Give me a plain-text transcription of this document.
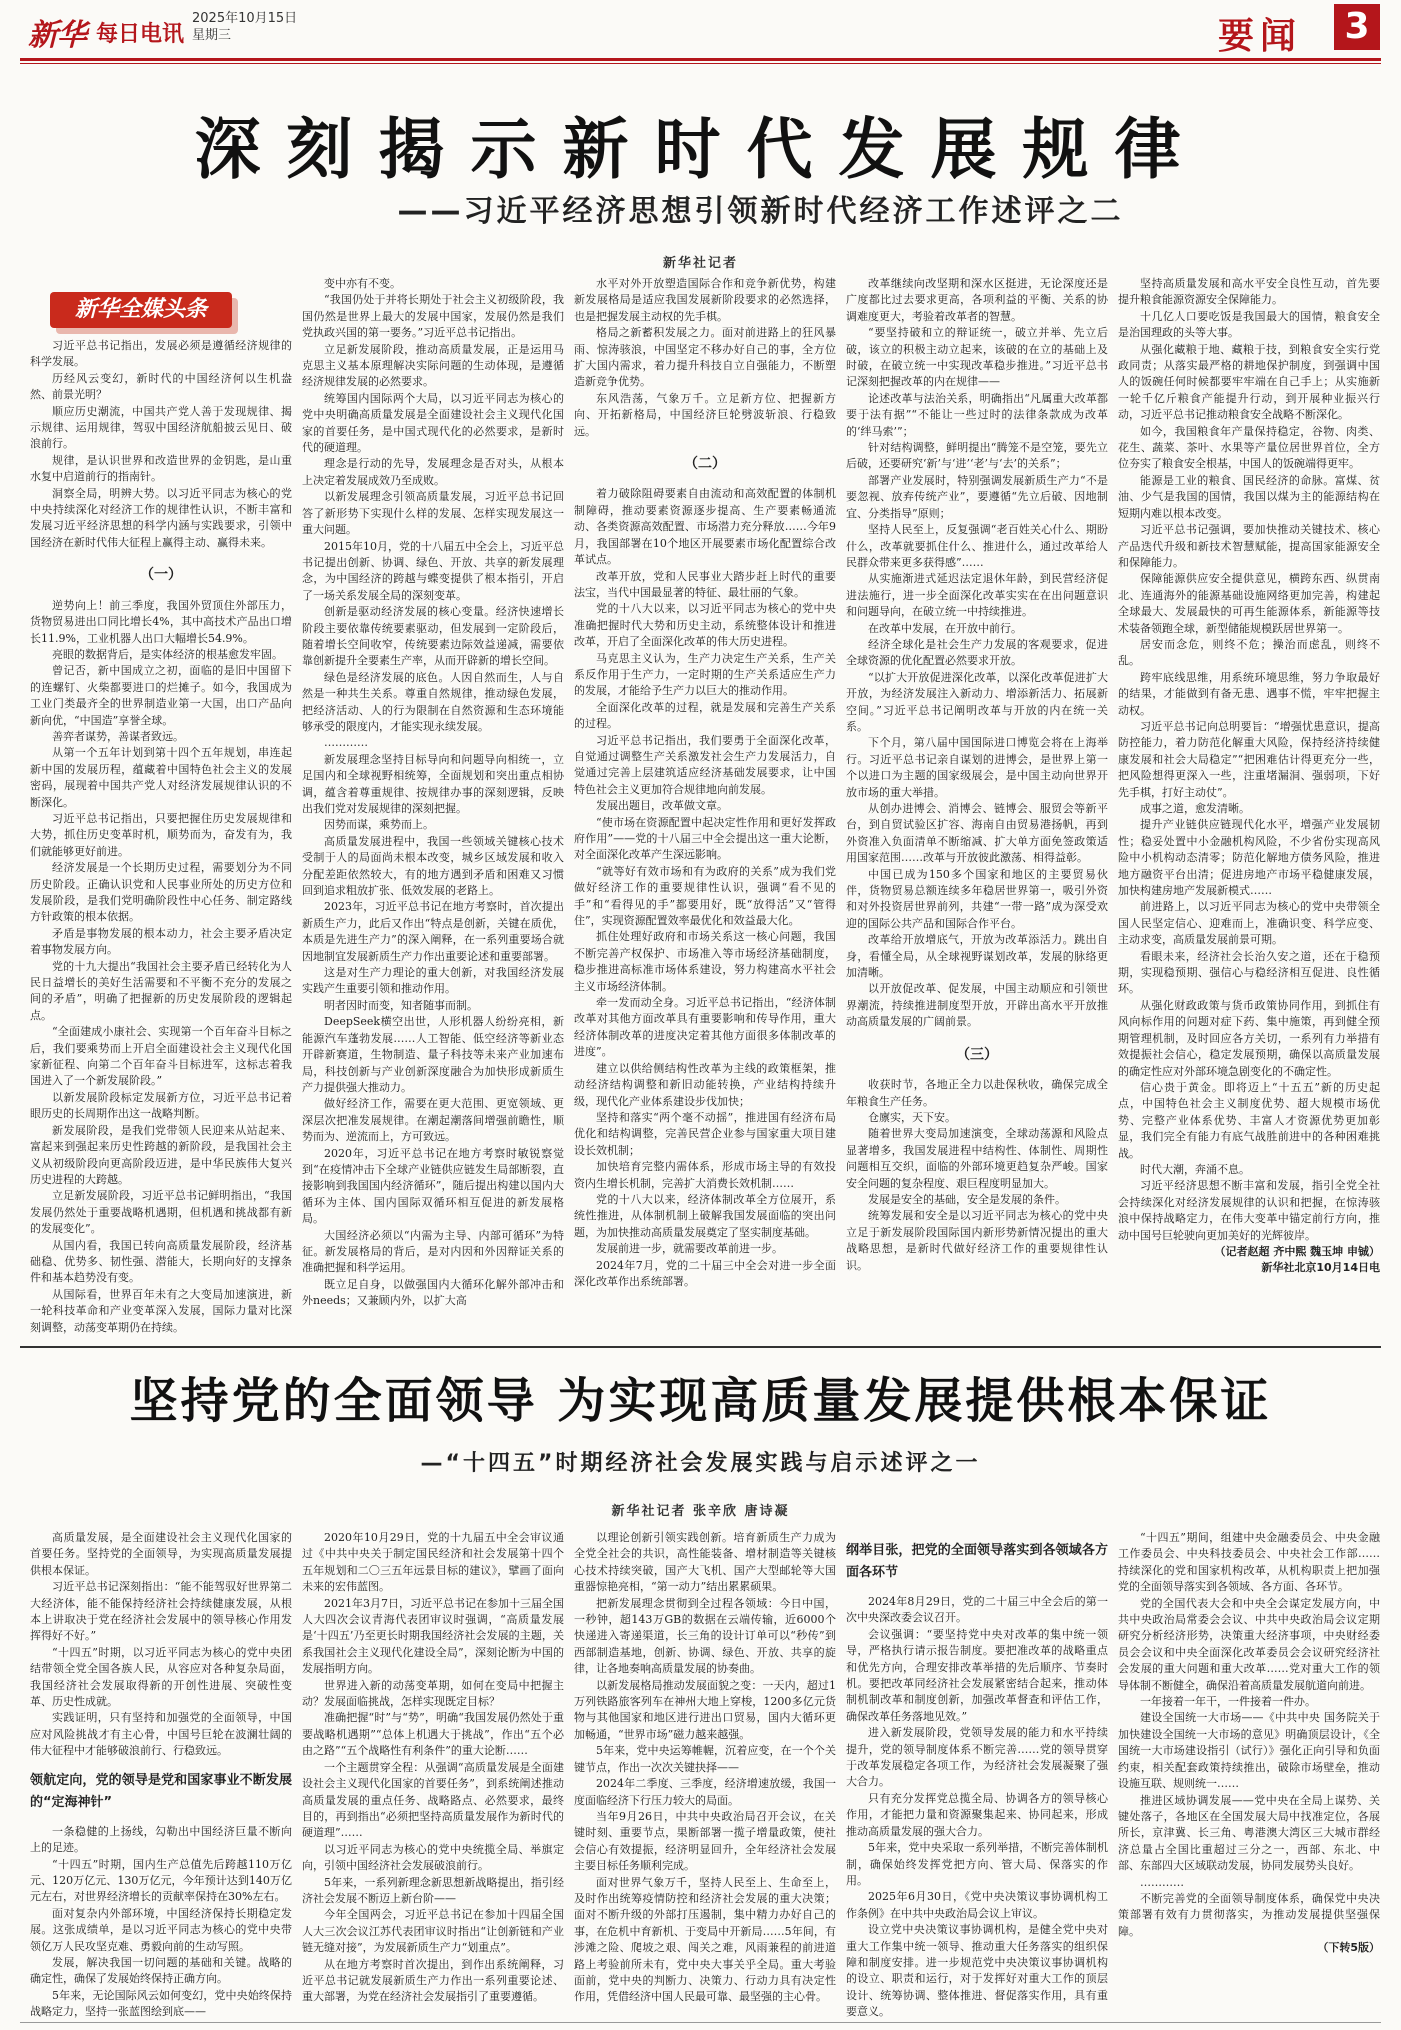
新华 每日电讯
2025年10月15日
星期三	要闻 3
深刻揭示新时代发展规律
——习近平经济思想引领新时代经济工作述评之二
新华社记者
新华全媒头条

习近平总书记指出，发展必须是遵循经济规律的科学发展。

历经风云变幻，新时代的中国经济何以生机盎然、前景光明？

顺应历史潮流，中国共产党人善于发现规律、揭示规律、运用规律，驾驭中国经济航船披云见日、破浪前行。

规律，是认识世界和改造世界的金钥匙，是山重水复中启道前行的指南针。

洞察全局，明辨大势。以习近平同志为核心的党中央持续深化对经济工作的规律性认识，不断丰富和发展习近平经济思想的科学内涵与实践要求，引领中国经济在新时代伟大征程上赢得主动、赢得未来。

（一）

逆势向上！前三季度，我国外贸顶住外部压力，货物贸易进出口同比增长4%，其中高技术产品出口增长11.9%，工业机器人出口大幅增长54.9%。

亮眼的数据背后，是实体经济的根基愈发牢固。

曾记否，新中国成立之初，面临的是旧中国留下的连螺钉、火柴都要进口的烂摊子。如今，我国成为工业门类最齐全的世界制造业第一大国，出口产品向新向优，“中国造”享誉全球。

善弈者谋势，善谋者致远。

从第一个五年计划到第十四个五年规划，串连起新中国的发展历程，蕴藏着中国特色社会主义的发展密码，展现着中国共产党人对经济发展规律认识的不断深化。

习近平总书记指出，只要把握住历史发展规律和大势，抓住历史变革时机，顺势而为，奋发有为，我们就能够更好前进。

经济发展是一个长期历史过程，需要划分为不同历史阶段。正确认识党和人民事业所处的历史方位和发展阶段，是我们党明确阶段性中心任务、制定路线方针政策的根本依据。

矛盾是事物发展的根本动力，社会主要矛盾决定着事物发展方向。

党的十九大提出“我国社会主要矛盾已经转化为人民日益增长的美好生活需要和不平衡不充分的发展之间的矛盾”，明确了把握新的历史发展阶段的逻辑起点。

“全面建成小康社会、实现第一个百年奋斗目标之后，我们要乘势而上开启全面建设社会主义现代化国家新征程、向第二个百年奋斗目标进军，这标志着我国进入了一个新发展阶段。”

以新发展阶段标定发展新方位，习近平总书记着眼历史的长周期作出这一战略判断。

新发展阶段，是我们党带领人民迎来从站起来、富起来到强起来历史性跨越的新阶段，是我国社会主义从初级阶段向更高阶段迈进，是中华民族伟大复兴历史进程的大跨越。

立足新发展阶段，习近平总书记鲜明指出，“我国发展仍然处于重要战略机遇期，但机遇和挑战都有新的发展变化”。

从国内看，我国已转向高质量发展阶段，经济基础稳、优势多、韧性强、潜能大，长期向好的支撑条件和基本趋势没有变。

从国际看，世界百年未有之大变局加速演进，新一轮科技革命和产业变革深入发展，国际力量对比深刻调整，动荡变革期仍在持续。

变中亦有不变。

“我国仍处于并将长期处于社会主义初级阶段，我国仍然是世界上最大的发展中国家，发展仍然是我们党执政兴国的第一要务。”习近平总书记指出。

立足新发展阶段，推动高质量发展，正是运用马克思主义基本原理解决实际问题的生动体现，是遵循经济规律发展的必然要求。

统筹国内国际两个大局，以习近平同志为核心的党中央明确高质量发展是全面建设社会主义现代化国家的首要任务，是中国式现代化的必然要求，是新时代的硬道理。

理念是行动的先导，发展理念是否对头，从根本上决定着发展成效乃至成败。

以新发展理念引领高质量发展，习近平总书记回答了新形势下实现什么样的发展、怎样实现发展这一重大问题。

2015年10月，党的十八届五中全会上，习近平总书记提出创新、协调、绿色、开放、共享的新发展理念，为中国经济的跨越与蝶变提供了根本指引，开启了一场关系发展全局的深刻变革。

创新是驱动经济发展的核心变量。经济快速增长阶段主要依靠传统要素驱动，但发展到一定阶段后，随着增长空间收窄，传统要素边际效益递减，需要依靠创新提升全要素生产率，从而开辟新的增长空间。

绿色是经济发展的底色。人因自然而生，人与自然是一种共生关系。尊重自然规律，推动绿色发展，把经济活动、人的行为限制在自然资源和生态环境能够承受的限度内，才能实现永续发展。

…………

新发展理念坚持目标导向和问题导向相统一，立足国内和全球视野相统筹，全面规划和突出重点相协调，蕴含着尊重规律、按规律办事的深刻逻辑，反映出我们党对发展规律的深刻把握。

因势而谋，乘势而上。

高质量发展进程中，我国一些领域关键核心技术受制于人的局面尚未根本改变，城乡区域发展和收入分配差距依然较大，有的地方遇到矛盾和困难又习惯回到追求粗放扩张、低效发展的老路上。

2023年，习近平总书记在地方考察时，首次提出新质生产力，此后又作出“特点是创新，关键在质优，本质是先进生产力”的深入阐释，在一系列重要场合就因地制宜发展新质生产力作出重要论述和重要部署。

这是对生产力理论的重大创新，对我国经济发展实践产生重要引领和推动作用。

明者因时而变，知者随事而制。

DeepSeek横空出世，人形机器人纷纷亮相，新能源汽车蓬勃发展……人工智能、低空经济等新业态开辟新赛道，生物制造、量子科技等未来产业加速布局，科技创新与产业创新深度融合为加快形成新质生产力提供强大推动力。

做好经济工作，需要在更大范围、更宽领域、更深层次把准发展规律。在潮起潮落间增强前瞻性，顺势而为、逆流而上，方可致远。

2020年，习近平总书记在地方考察时敏锐察觉到“在疫情冲击下全球产业链供应链发生局部断裂，直接影响到我国国内经济循环”，随后提出构建以国内大循环为主体、国内国际双循环相互促进的新发展格局。

大国经济必须以“内需为主导、内部可循环”为特征。新发展格局的背后，是对内因和外因辩证关系的准确把握和科学运用。

既立足自身，以做强国内大循环化解外部冲击和外needs；又兼顾内外，以扩大高

水平对外开放塑造国际合作和竞争新优势，构建新发展格局是适应我国发展新阶段要求的必然选择，也是把握发展主动权的先手棋。

格局之新蓄积发展之力。面对前进路上的狂风暴雨、惊涛骇浪，中国坚定不移办好自己的事，全方位扩大国内需求，着力提升科技自立自强能力，不断塑造新竞争优势。

东风浩荡，气象万千。立足新方位、把握新方向、开拓新格局，中国经济巨轮劈波斩浪、行稳致远。

（二）

着力破除阻碍要素自由流动和高效配置的体制机制障碍，推动要素资源逐步提高、生产要素畅通流动、各类资源高效配置、市场潜力充分释放……今年9月，我国部署在10个地区开展要素市场化配置综合改革试点。

改革开放，党和人民事业大踏步赶上时代的重要法宝，当代中国最显著的特征、最壮丽的气象。

党的十八大以来，以习近平同志为核心的党中央准确把握时代大势和历史主动，系统整体设计和推进改革，开启了全面深化改革的伟大历史进程。

马克思主义认为，生产力决定生产关系，生产关系反作用于生产力，一定时期的生产关系适应生产力的发展，才能给予生产力以巨大的推动作用。

全面深化改革的过程，就是发展和完善生产关系的过程。

习近平总书记指出，我们要勇于全面深化改革，自觉通过调整生产关系激发社会生产力发展活力，自觉通过完善上层建筑适应经济基础发展要求，让中国特色社会主义更加符合规律地向前发展。

发展出题目，改革做文章。

“使市场在资源配置中起决定性作用和更好发挥政府作用”——党的十八届三中全会提出这一重大论断，对全面深化改革产生深远影响。

“就等好有效市场和有为政府的关系”成为我们党做好经济工作的重要规律性认识，强调“看不见的手”和“看得见的手”都要用好，既“放得活”又“管得住”，实现资源配置效率最优化和效益最大化。

抓住处理好政府和市场关系这一核心问题，我国不断完善产权保护、市场准入等市场经济基础制度，稳步推进高标准市场体系建设，努力构建高水平社会主义市场经济体制。

牵一发而动全身。习近平总书记指出，“经济体制改革对其他方面改革具有重要影响和传导作用，重大经济体制改革的进度决定着其他方面很多体制改革的进度”。

建立以供给侧结构性改革为主线的政策框架，推动经济结构调整和新旧动能转换，产业结构持续升级，现代化产业体系建设步伐加快；

坚持和落实“两个毫不动摇”，推进国有经济布局优化和结构调整，完善民营企业参与国家重大项目建设长效机制；

加快培育完整内需体系，形成市场主导的有效投资内生增长机制，完善扩大消费长效机制……

党的十八大以来，经济体制改革全方位展开，系统性推进，从体制机制上破解我国发展面临的突出问题，为加快推动高质量发展奠定了坚实制度基础。

发展前进一步，就需要改革前进一步。

2024年7月，党的二十届三中全会对进一步全面深化改革作出系统部署。

改革继续向改坚期和深水区挺进，无论深度还是广度都比过去要求更高，各项利益的平衡、关系的协调难度更大，考验着改革者的智慧。

“要坚持破和立的辩证统一，破立并举、先立后破，该立的积极主动立起来，该破的在立的基础上及时破，在破立统一中实现改革稳步推进。”习近平总书记深刻把握改革的内在规律——

论述改革与法治关系，明确指出“凡属重大改革都要于法有据”“不能让一些过时的法律条款成为改革的‘绊马索’”；

针对结构调整，鲜明提出“腾笼不是空笼，要先立后破，还要研究‘新’与‘进’‘老’与‘去’的关系”；

部署产业发展时，特别强调发展新质生产力“不是要忽视、放弃传统产业”，要遵循“先立后破、因地制宜、分类指导”原则；

坚持人民至上，反复强调“老百姓关心什么、期盼什么，改革就要抓住什么、推进什么，通过改革给人民群众带来更多获得感”……

从实施渐进式延迟法定退休年龄，到民营经济促进法施行，进一步全面深化改革实实在在出问题意识和问题导向，在破立统一中持续推进。

在改革中发展，在开放中前行。

经济全球化是社会生产力发展的客观要求，促进全球资源的优化配置必然要求开放。

“以扩大开放促进深化改革，以深化改革促进扩大开放，为经济发展注入新动力、增添新活力、拓展新空间。”习近平总书记阐明改革与开放的内在统一关系。

下个月，第八届中国国际进口博览会将在上海举行。习近平总书记亲自谋划的进博会，是世界上第一个以进口为主题的国家级展会，是中国主动向世界开放市场的重大举措。

从创办进博会、消博会、链博会、服贸会等新平台，到自贸试验区扩容、海南自由贸易港扬帆，再到外资准入负面清单不断缩减、扩大单方面免签政策适用国家范围……改革与开放彼此激荡、相得益彰。

中国已成为150多个国家和地区的主要贸易伙伴，货物贸易总额连续多年稳居世界第一，吸引外资和对外投资居世界前列，共建“一带一路”成为深受欢迎的国际公共产品和国际合作平台。

改革给开放增底气，开放为改革添活力。跳出自身，看懂全局，从全球视野谋划改革，发展的脉络更加清晰。

以开放促改革、促发展，中国主动顺应和引领世界潮流，持续推进制度型开放，开辟出高水平开放推动高质量发展的广阔前景。

（三）

收获时节，各地正全力以赴保秋收，确保完成全年粮食生产任务。

仓廪实，天下安。

随着世界大变局加速演变，全球动荡源和风险点显著增多，我国发展进程中结构性、体制性、周期性问题相互交织，面临的外部环境更趋复杂严峻。国家安全问题的复杂程度、艰巨程度明显加大。

发展是安全的基础，安全是发展的条件。

统筹发展和安全是以习近平同志为核心的党中央立足于新发展阶段国际国内新形势新情况提出的重大战略思想，是新时代做好经济工作的重要规律性认识。

坚持高质量发展和高水平安全良性互动，首先要提升粮食能源资源安全保障能力。

十几亿人口要吃饭是我国最大的国情，粮食安全是治国理政的头等大事。

从强化藏粮于地、藏粮于技，到粮食安全实行党政同责；从落实最严格的耕地保护制度，到强调中国人的饭碗任何时候都要牢牢端在自己手上；从实施新一轮千亿斤粮食产能提升行动，到开展种业振兴行动，习近平总书记推动粮食安全战略不断深化。

如今，我国粮食年产量保持稳定，谷物、肉类、花生、蔬菜、茶叶、水果等产量位居世界首位，全方位夯实了粮食安全根基，中国人的饭碗端得更牢。

能源是工业的粮食、国民经济的命脉。富煤、贫油、少气是我国的国情，我国以煤为主的能源结构在短期内难以根本改变。

习近平总书记强调，要加快推动关键技术、核心产品迭代升级和新技术智慧赋能，提高国家能源安全和保障能力。

保障能源供应安全提供意见，横跨东西、纵贯南北、连通海外的能源基础设施网络更加完善，构建起全球最大、发展最快的可再生能源体系，新能源等技术装备领跑全球，新型储能规模跃居世界第一。

居安而念危，则终不危；操治而虑乱，则终不乱。

跨牢底线思维，用系统环境思维，努力争取最好的结果，才能做到有备无患、遇事不慌，牢牢把握主动权。

习近平总书记向总明要旨：“增强忧患意识，提高防控能力，着力防范化解重大风险，保持经济持续健康发展和社会大局稳定”“把困难估计得更充分一些，把风险想得更深入一些，注重堵漏洞、强弱项，下好先手棋，打好主动仗”。

成事之道，愈发清晰。

提升产业链供应链现代化水平，增强产业发展韧性；稳妥处置中小金融机构风险，不少省份实现高风险中小机构动态清零；防范化解地方债务风险，推进地方融资平台出清；促进房地产市场平稳健康发展，加快构建房地产发展新模式……

前进路上，以习近平同志为核心的党中央带领全国人民坚定信心、迎难而上，准确识变、科学应变、主动求变，高质量发展前景可期。

看眼未来，经济社会长治久安之道，还在于稳预期，实现稳预期、强信心与稳经济相互促进、良性循环。

从强化财政政策与货币政策协同作用，到抓住有风向标作用的问题对症下药、集中施策，再到健全预期管理机制，及时回应各方关切，一系列有力举措有效提振社会信心，稳定发展预期，确保以高质量发展的确定性应对外部环境急剧变化的不确定性。

信心贵于黄金。即将迈上“十五五”新的历史起点，中国特色社会主义制度优势、超大规模市场优势、完整产业体系优势、丰富人才资源优势更加彰显，我们完全有能力有底气战胜前进中的各种困难挑战。

时代大潮，奔涌不息。

习近平经济思想不断丰富和发展，指引全党全社会持续深化对经济发展规律的认识和把握，在惊涛骇浪中保持战略定力，在伟大变革中锚定前行方向，推动中国号巨轮驶向更加美好的光辉彼岸。

（记者赵超 齐中熙 魏玉坤 申铖）

新华社北京10月14日电

坚持党的全面领导 为实现高质量发展提供根本保证
—“十四五”时期经济社会发展实践与启示述评之一
新华社记者 张辛欣 唐诗凝

高质量发展，是全面建设社会主义现代化国家的首要任务。坚持党的全面领导，为实现高质量发展提供根本保证。

习近平总书记深刻指出：“能不能驾驭好世界第二大经济体，能不能保持经济社会持续健康发展，从根本上讲取决于党在经济社会发展中的领导核心作用发挥得好不好。”

“十四五”时期，以习近平同志为核心的党中央团结带领全党全国各族人民，从容应对各种复杂局面，我国经济社会发展取得新的开创性进展、突破性变革、历史性成就。

实践证明，只有坚持和加强党的全面领导，中国应对风险挑战才有主心骨，中国号巨轮在波澜壮阔的伟大征程中才能够破浪前行、行稳致远。

领航定向，党的领导是党和国家事业不断发展的“定海神针”

一条稳健的上扬线，勾勒出中国经济巨量不断向上的足迹。

“十四五”时期，国内生产总值先后跨越110万亿元、120万亿元、130万亿元，今年预计达到140万亿元左右，对世界经济增长的贡献率保持在30%左右。

面对复杂内外部环境，中国经济保持长期稳定发展。这张成绩单，是以习近平同志为核心的党中央带领亿万人民攻坚克难、勇毅向前的生动写照。

发展，解决我国一切问题的基础和关键。战略的确定性，确保了发展始终保持正确方向。

5年来，无论国际风云如何变幻，党中央始终保持战略定力，坚持一张蓝图绘到底——

2020年10月29日，党的十九届五中全会审议通过《中共中央关于制定国民经济和社会发展第十四个五年规划和二〇三五年远景目标的建议》，擘画了面向未来的宏伟蓝图。

2021年3月7日，习近平总书记在参加十三届全国人大四次会议青海代表团审议时强调，“高质量发展是‘十四五’乃至更长时期我国经济社会发展的主题，关系我国社会主义现代化建设全局”，深刻论断为中国的发展指明方向。

世界进入新的动荡变革期，如何在变局中把握主动？发展面临挑战，怎样实现既定目标？

准确把握“时”与“势”，明确“我国发展仍然处于重要战略机遇期”“总体上机遇大于挑战”，作出“五个必由之路”“五个战略性有利条件”的重大论断……

一个主题贯穿全程：从强调“高质量发展是全面建设社会主义现代化国家的首要任务”，到系统阐述推动高质量发展的重点任务、战略路点、必然要求，最终目的，再到指出“必须把坚持高质量发展作为新时代的硬道理”……

以习近平同志为核心的党中央统揽全局、举旗定向，引领中国经济社会发展破浪前行。

5年来，一系列新理念新思想新战略提出，指引经济社会发展不断迈上新台阶——

今年全国两会，习近平总书记在参加十四届全国人大三次会议江苏代表团审议时指出“让创新链和产业链无缝对接”，为发展新质生产力“划重点”。

从在地方考察时首次提出，到作出系统阐释，习近平总书记就发展新质生产力作出一系列重要论述、重大部署，为党在经济社会发展指引了重要遵循。

以理论创新引领实践创新。培育新质生产力成为全党全社会的共识，高性能装备、增材制造等关键核心技术持续突破，国产大飞机、国产大型邮轮等大国重器惊艳亮相，“第一动力”结出累累硕果。

把新发展理念贯彻到全过程各领域：今日中国，一秒钟，超143万GB的数据在云端传输，近6000个快递进入寄递渠道，长三角的设计订单可以“秒传”到西部制造基地，创新、协调、绿色、开放、共享的旋律，让各地奏响高质量发展的协奏曲。

以新发展格局推动发展面貌之变：一天内，超过1万列铁路旅客列车在神州大地上穿梭，1200多亿元货物与其他国家和地区进行进出口贸易，国内大循环更加畅通，“世界市场”磁力越来越强。

5年来，党中央运筹帷幄，沉着应变，在一个个关键节点，作出一次次关键抉择——

2024年二季度、三季度，经济增速放缓，我国一度面临经济下行压力较大的局面。

当年9月26日，中共中央政治局召开会议，在关键时刻、重要节点，果断部署一揽子增量政策，使社会信心有效提振，经济明显回升，全年经济社会发展主要目标任务顺利完成。

面对世界气象万千，坚持人民至上、生命至上，及时作出统筹疫情防控和经济社会发展的重大决策；面对不断升级的外部打压遏制，集中精力办好自己的事，在危机中育新机、于变局中开新局……5年间，有涉滩之险、爬坡之艰、闯关之难，风雨兼程的前进道路上考验前所未有，党中央大事关乎全局。重大考验面前，党中央的判断力、决策力、行动力具有决定性作用，凭借经济中国人民最可靠、最坚强的主心骨。

纲举目张，把党的全面领导落实到各领域各方面各环节

2024年8月29日，党的二十届三中全会后的第一次中央深改委会议召开。

会议强调：“要坚持党中央对改革的集中统一领导，严格执行请示报告制度。要把准改革的战略重点和优先方向，合理安排改革举措的先后顺序、节奏时机。要把改革同经济社会发展紧密结合起来，推动体制机制改革和制度创新，加强改革督查和评估工作，确保改革任务落地见效。”

进入新发展阶段，党领导发展的能力和水平持续提升，党的领导制度体系不断完善……党的领导贯穿于改革发展稳定各项工作，为经济社会发展凝聚了强大合力。

只有充分发挥党总揽全局、协调各方的领导核心作用，才能把力量和资源聚集起来、协同起来，形成推动高质量发展的强大合力。

5年来，党中央采取一系列举措，不断完善体制机制，确保始终发挥党把方向、管大局、保落实的作用。

2025年6月30日，《党中央决策议事协调机构工作条例》在中共中央政治局会议上审议。

设立党中央决策议事协调机构，是健全党中央对重大工作集中统一领导、推动重大任务落实的组织保障和制度安排。进一步规范党中央决策议事协调机构的设立、职责和运行，对于发挥好对重大工作的顶层设计、统筹协调、整体推进、督促落实作用，具有重要意义。

“十四五”期间，组建中央金融委员会、中央金融工作委员会、中央科技委员会、中央社会工作部……持续深化的党和国家机构改革，从机构职责上把加强党的全面领导落实到各领域、各方面、各环节。

党的全国代表大会和中央全会谋定发展方向，中共中央政治局常委会会议、中共中央政治局会议定期研究分析经济形势，决策重大经济事项，中央财经委员会会议和中央全面深化改革委员会会议研究经济社会发展的重大问题和重大改革……党对重大工作的领导体制不断健全，确保沿着高质量发展航道向前进。

一年接着一年干，一件接着一件办。

建设全国统一大市场——《中共中央 国务院关于加快建设全国统一大市场的意见》明确顶层设计，《全国统一大市场建设指引（试行）》强化正向引导和负面约束，相关配套政策持续推出，破除市场壁垒，推动设施互联、规则统一……

推进区域协调发展——党中央在全局上谋势、关键处落子，各地区在全国发展大局中找准定位，各展所长，京津冀、长三角、粤港澳大湾区三大城市群经济总量占全国比重超过三分之一，西部、东北、中部、东部四大区域联动发展，协同发展势头良好。

…………

不断完善党的全面领导制度体系，确保党中央决策部署有效有力贯彻落实，为推动发展提供坚强保障。

（下转5版）
